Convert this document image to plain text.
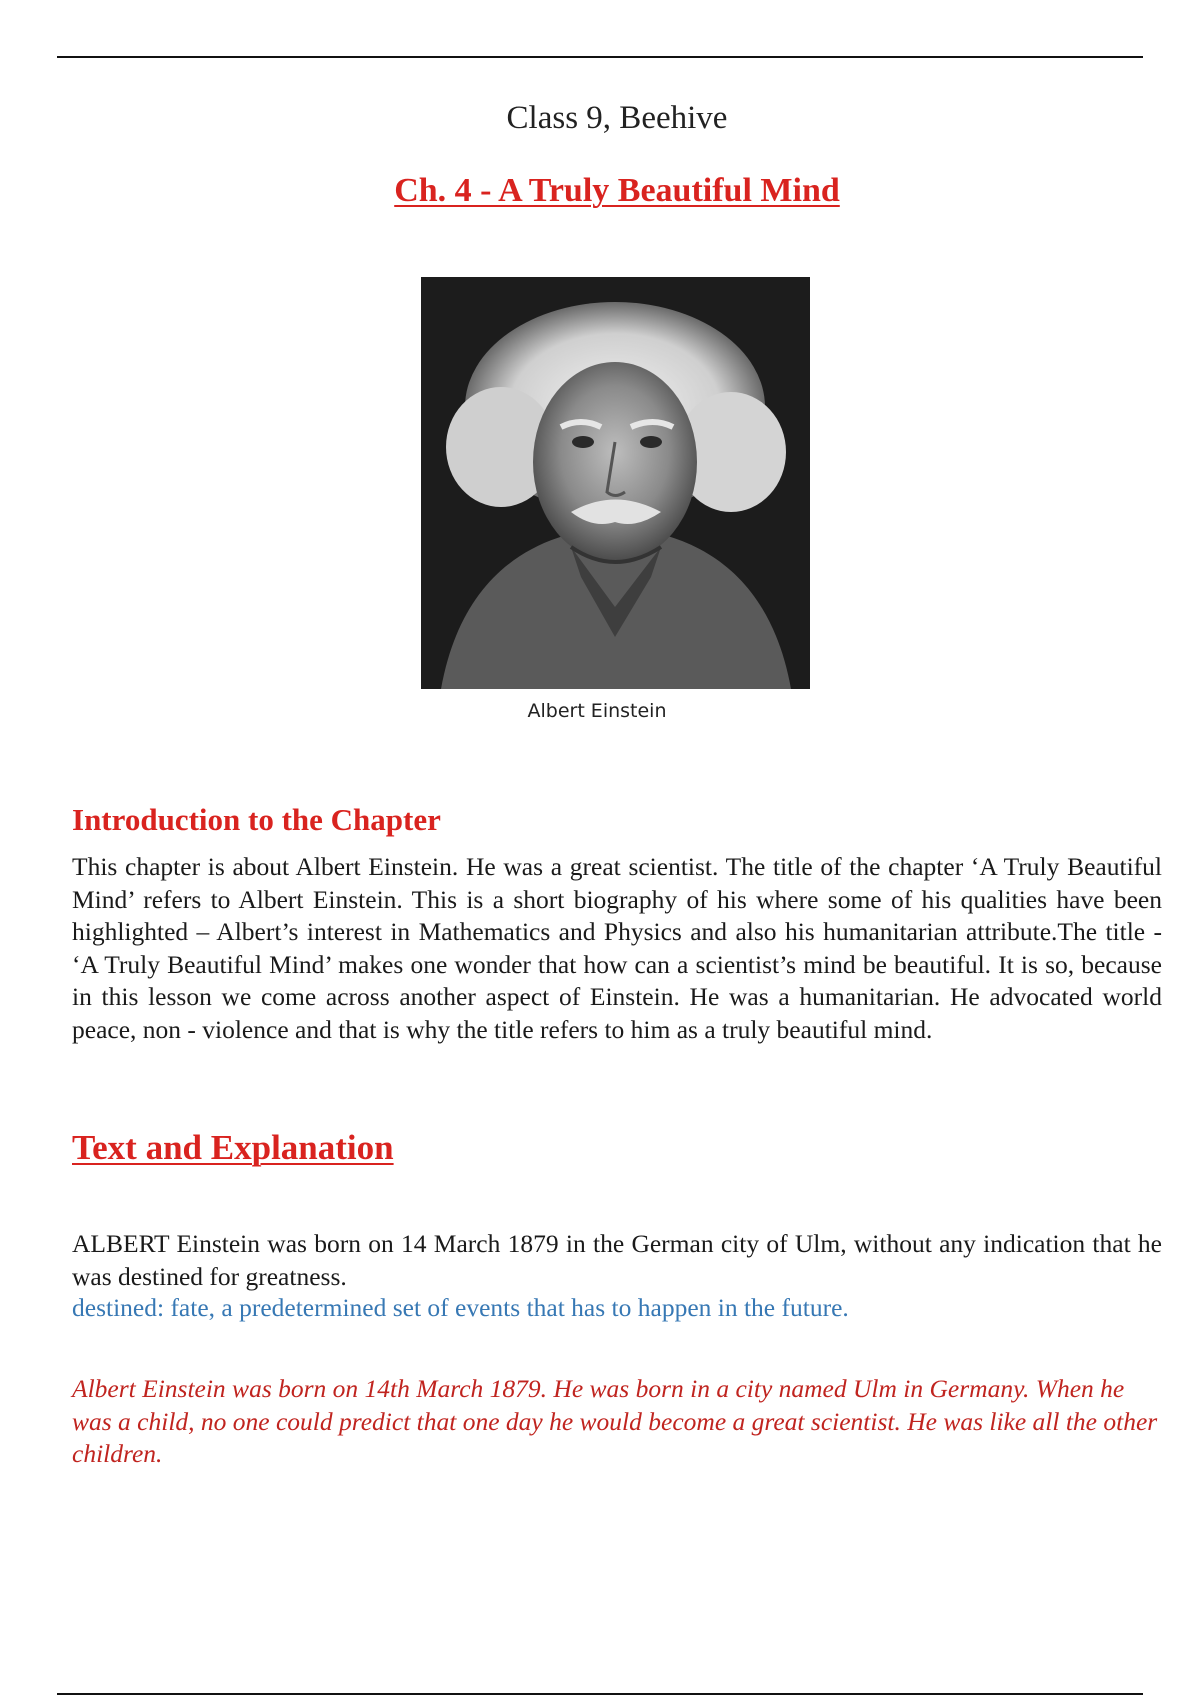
Class 9, Beehive
Ch. 4 - A Truly Beautiful Mind
Albert Einstein
Introduction to the Chapter
This chapter is about Albert Einstein. He was a great scientist. The title of the chapter ‘A Truly Beautiful Mind’ refers to Albert Einstein. This is a short biography of his where some of his qualities have been highlighted – Albert’s interest in Mathematics and Physics and also his humanitarian attribute.The title - ‘A Truly Beautiful Mind’ makes one wonder that how can a scientist’s mind be beautiful. It is so, because in this lesson we come across another aspect of Einstein. He was a humanitarian. He advocated world peace, non - violence and that is why the title refers to him as a truly beautiful mind.
Text and Explanation
ALBERT Einstein was born on 14 March 1879 in the German city of Ulm, without any indication that he was destined for greatness.
destined: fate, a predetermined set of events that has to happen in the future.
Albert Einstein was born on 14th March 1879. He was born in a city named Ulm in Germany. When he was a child, no one could predict that one day he would become a great scientist. He was like all the other children.
